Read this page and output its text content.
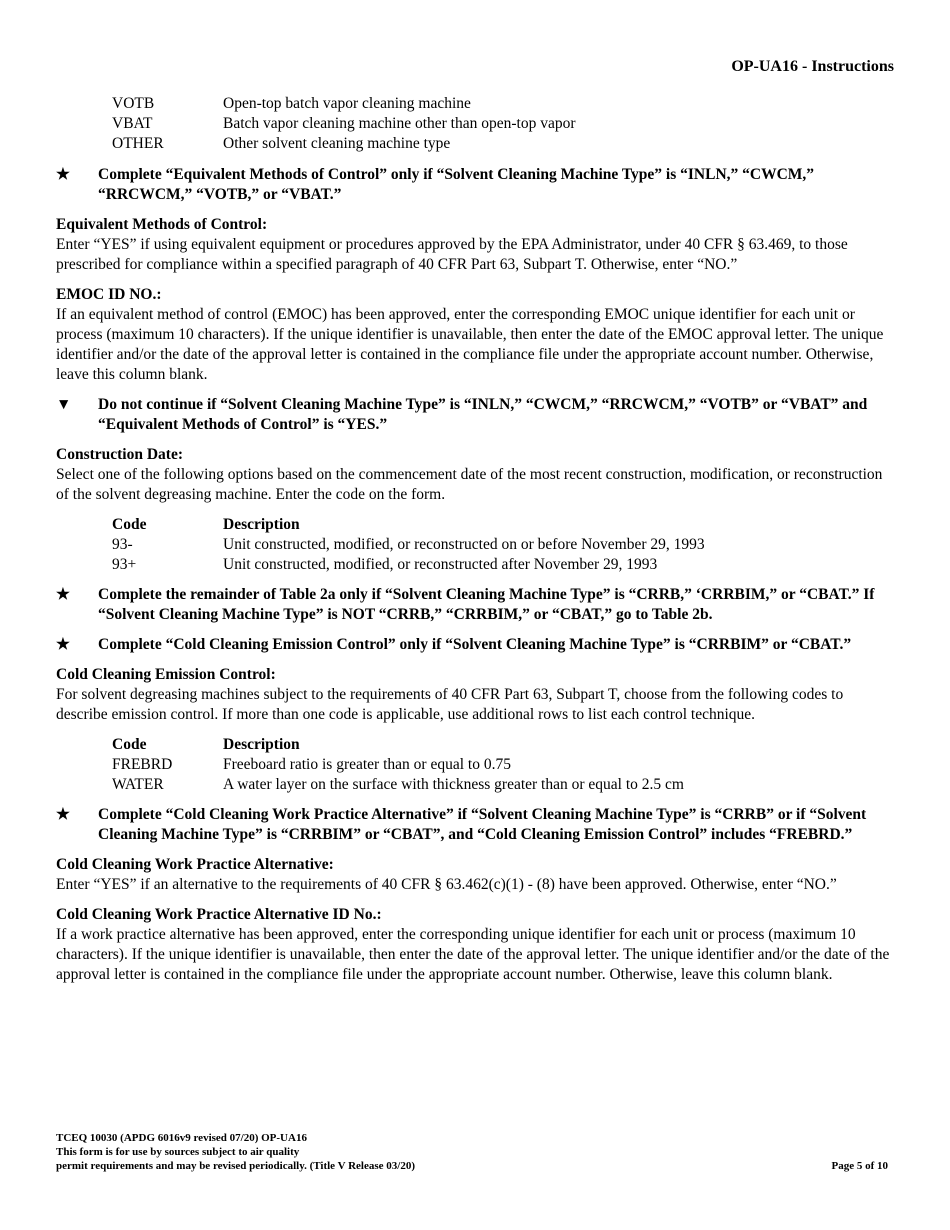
OP-UA16 - Instructions
VOTB	Open-top batch vapor cleaning machine
VBAT	Batch vapor cleaning machine other than open-top vapor
OTHER	Other solvent cleaning machine type
★	Complete “Equivalent Methods of Control” only if “Solvent Cleaning Machine Type” is “INLN,” “CWCM,” “RRCWCM,” “VOTB,” or “VBAT.”

Equivalent Methods of Control:

Enter “YES” if using equivalent equipment or procedures approved by the EPA Administrator, under 40 CFR § 63.469, to those prescribed for compliance within a specified paragraph of 40 CFR Part 63, Subpart T. Otherwise, enter “NO.”

EMOC ID NO.:

If an equivalent method of control (EMOC) has been approved, enter the corresponding EMOC unique identifier for each unit or process (maximum 10 characters). If the unique identifier is unavailable, then enter the date of the EMOC approval letter. The unique identifier and/or the date of the approval letter is contained in the compliance file under the appropriate account number. Otherwise, leave this column blank.

▼	Do not continue if “Solvent Cleaning Machine Type” is “INLN,” “CWCM,” “RRCWCM,” “VOTB” or “VBAT” and “Equivalent Methods of Control” is “YES.”

Construction Date:

Select one of the following options based on the commencement date of the most recent construction, modification, or reconstruction of the solvent degreasing machine. Enter the code on the form.

Code	Description
93-	Unit constructed, modified, or reconstructed on or before November 29, 1993
93+	Unit constructed, modified, or reconstructed after November 29, 1993
★	Complete the remainder of Table 2a only if “Solvent Cleaning Machine Type” is “CRRB,” ‘CRRBIM,” or “CBAT.” If “Solvent Cleaning Machine Type” is NOT “CRRB,” “CRRBIM,” or “CBAT,” go to Table 2b.
★	Complete “Cold Cleaning Emission Control” only if “Solvent Cleaning Machine Type” is “CRRBIM” or “CBAT.”

Cold Cleaning Emission Control:

For solvent degreasing machines subject to the requirements of 40 CFR Part 63, Subpart T, choose from the following codes to describe emission control. If more than one code is applicable, use additional rows to list each control technique.

Code	Description
FREBRD	Freeboard ratio is greater than or equal to 0.75
WATER	A water layer on the surface with thickness greater than or equal to 2.5 cm
★	Complete “Cold Cleaning Work Practice Alternative” if “Solvent Cleaning Machine Type” is “CRRB” or if “Solvent Cleaning Machine Type” is “CRRBIM” or “CBAT”, and “Cold Cleaning Emission Control” includes “FREBRD.”

Cold Cleaning Work Practice Alternative:

Enter “YES” if an alternative to the requirements of 40 CFR § 63.462(c)(1) - (8) have been approved. Otherwise, enter “NO.”

Cold Cleaning Work Practice Alternative ID No.:

If a work practice alternative has been approved, enter the corresponding unique identifier for each unit or process (maximum 10 characters). If the unique identifier is unavailable, then enter the date of the approval letter. The unique identifier and/or the date of the approval letter is contained in the compliance file under the appropriate account number. Otherwise, leave this column blank.

TCEQ 10030 (APDG 6016v9 revised 07/20) OP-UA16
This form is for use by sources subject to air quality
permit requirements and may be revised periodically. (Title V Release 03/20)	Page 5 of 10
